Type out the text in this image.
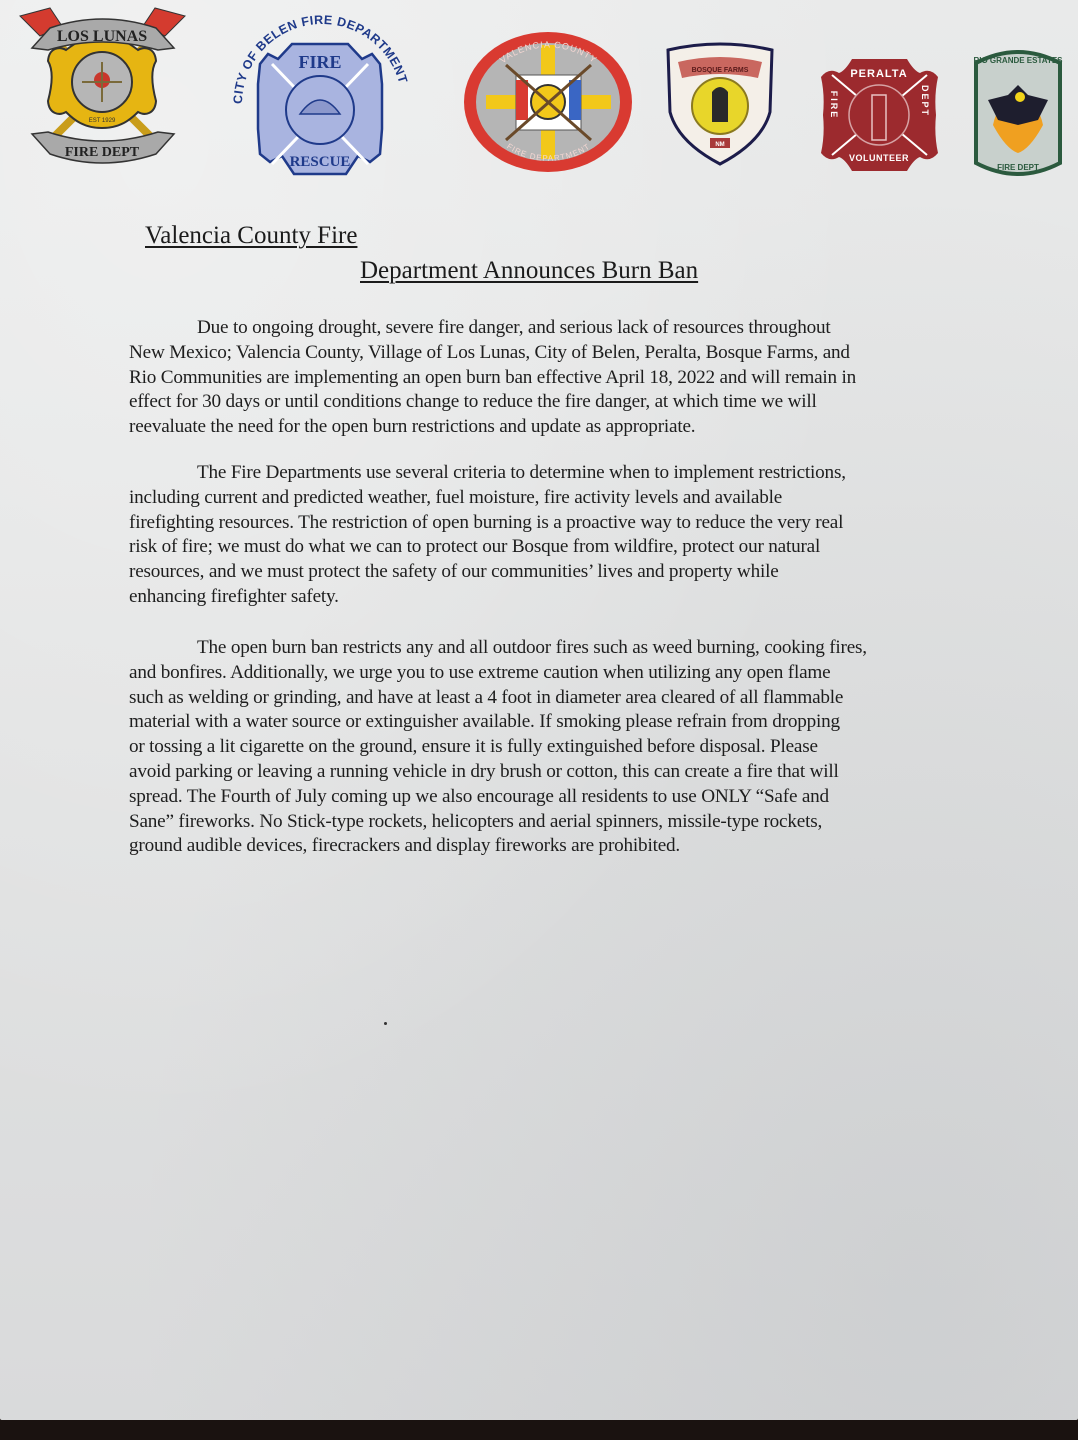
LOS LUNAS
FIRE DEPT
EST 1929
CITY OF BELEN FIRE DEPARTMENT
FIRE
RESCUE
VALENCIA COUNTY
FIRE DEPARTMENT
BOSQUE FARMS
NM
PERALTA
VOLUNTEER
FIRE	DEPT
RIO GRANDE ESTATES
FIRE DEPT
Valencia County Fire
Department Announces Burn Ban

Due to ongoing drought, severe fire danger, and serious lack of resources throughout

New Mexico; Valencia County, Village of Los Lunas, City of Belen, Peralta, Bosque Farms, and

Rio Communities are implementing an open burn ban effective April 18, 2022 and will remain in

effect for 30 days or until conditions change to reduce the fire danger, at which time we will

reevaluate the need for the open burn restrictions and update as appropriate.

The Fire Departments use several criteria to determine when to implement restrictions,

including current and predicted weather, fuel moisture, fire activity levels and available

firefighting resources. The restriction of open burning is a proactive way to reduce the very real

risk of fire; we must do what we can to protect our Bosque from wildfire, protect our natural

resources, and we must protect the safety of our communities’ lives and property while

enhancing firefighter safety.

The open burn ban restricts any and all outdoor fires such as weed burning, cooking fires,

and bonfires. Additionally, we urge you to use extreme caution when utilizing any open flame

such as welding or grinding, and have at least a 4 foot in diameter area cleared of all flammable

material with a water source or extinguisher available. If smoking please refrain from dropping

or tossing a lit cigarette on the ground, ensure it is fully extinguished before disposal. Please

avoid parking or leaving a running vehicle in dry brush or cotton, this can create a fire that will

spread. The Fourth of July coming up we also encourage all residents to use ONLY “Safe and

Sane” fireworks. No Stick-type rockets, helicopters and aerial spinners, missile-type rockets,

ground audible devices, firecrackers and display fireworks are prohibited.
